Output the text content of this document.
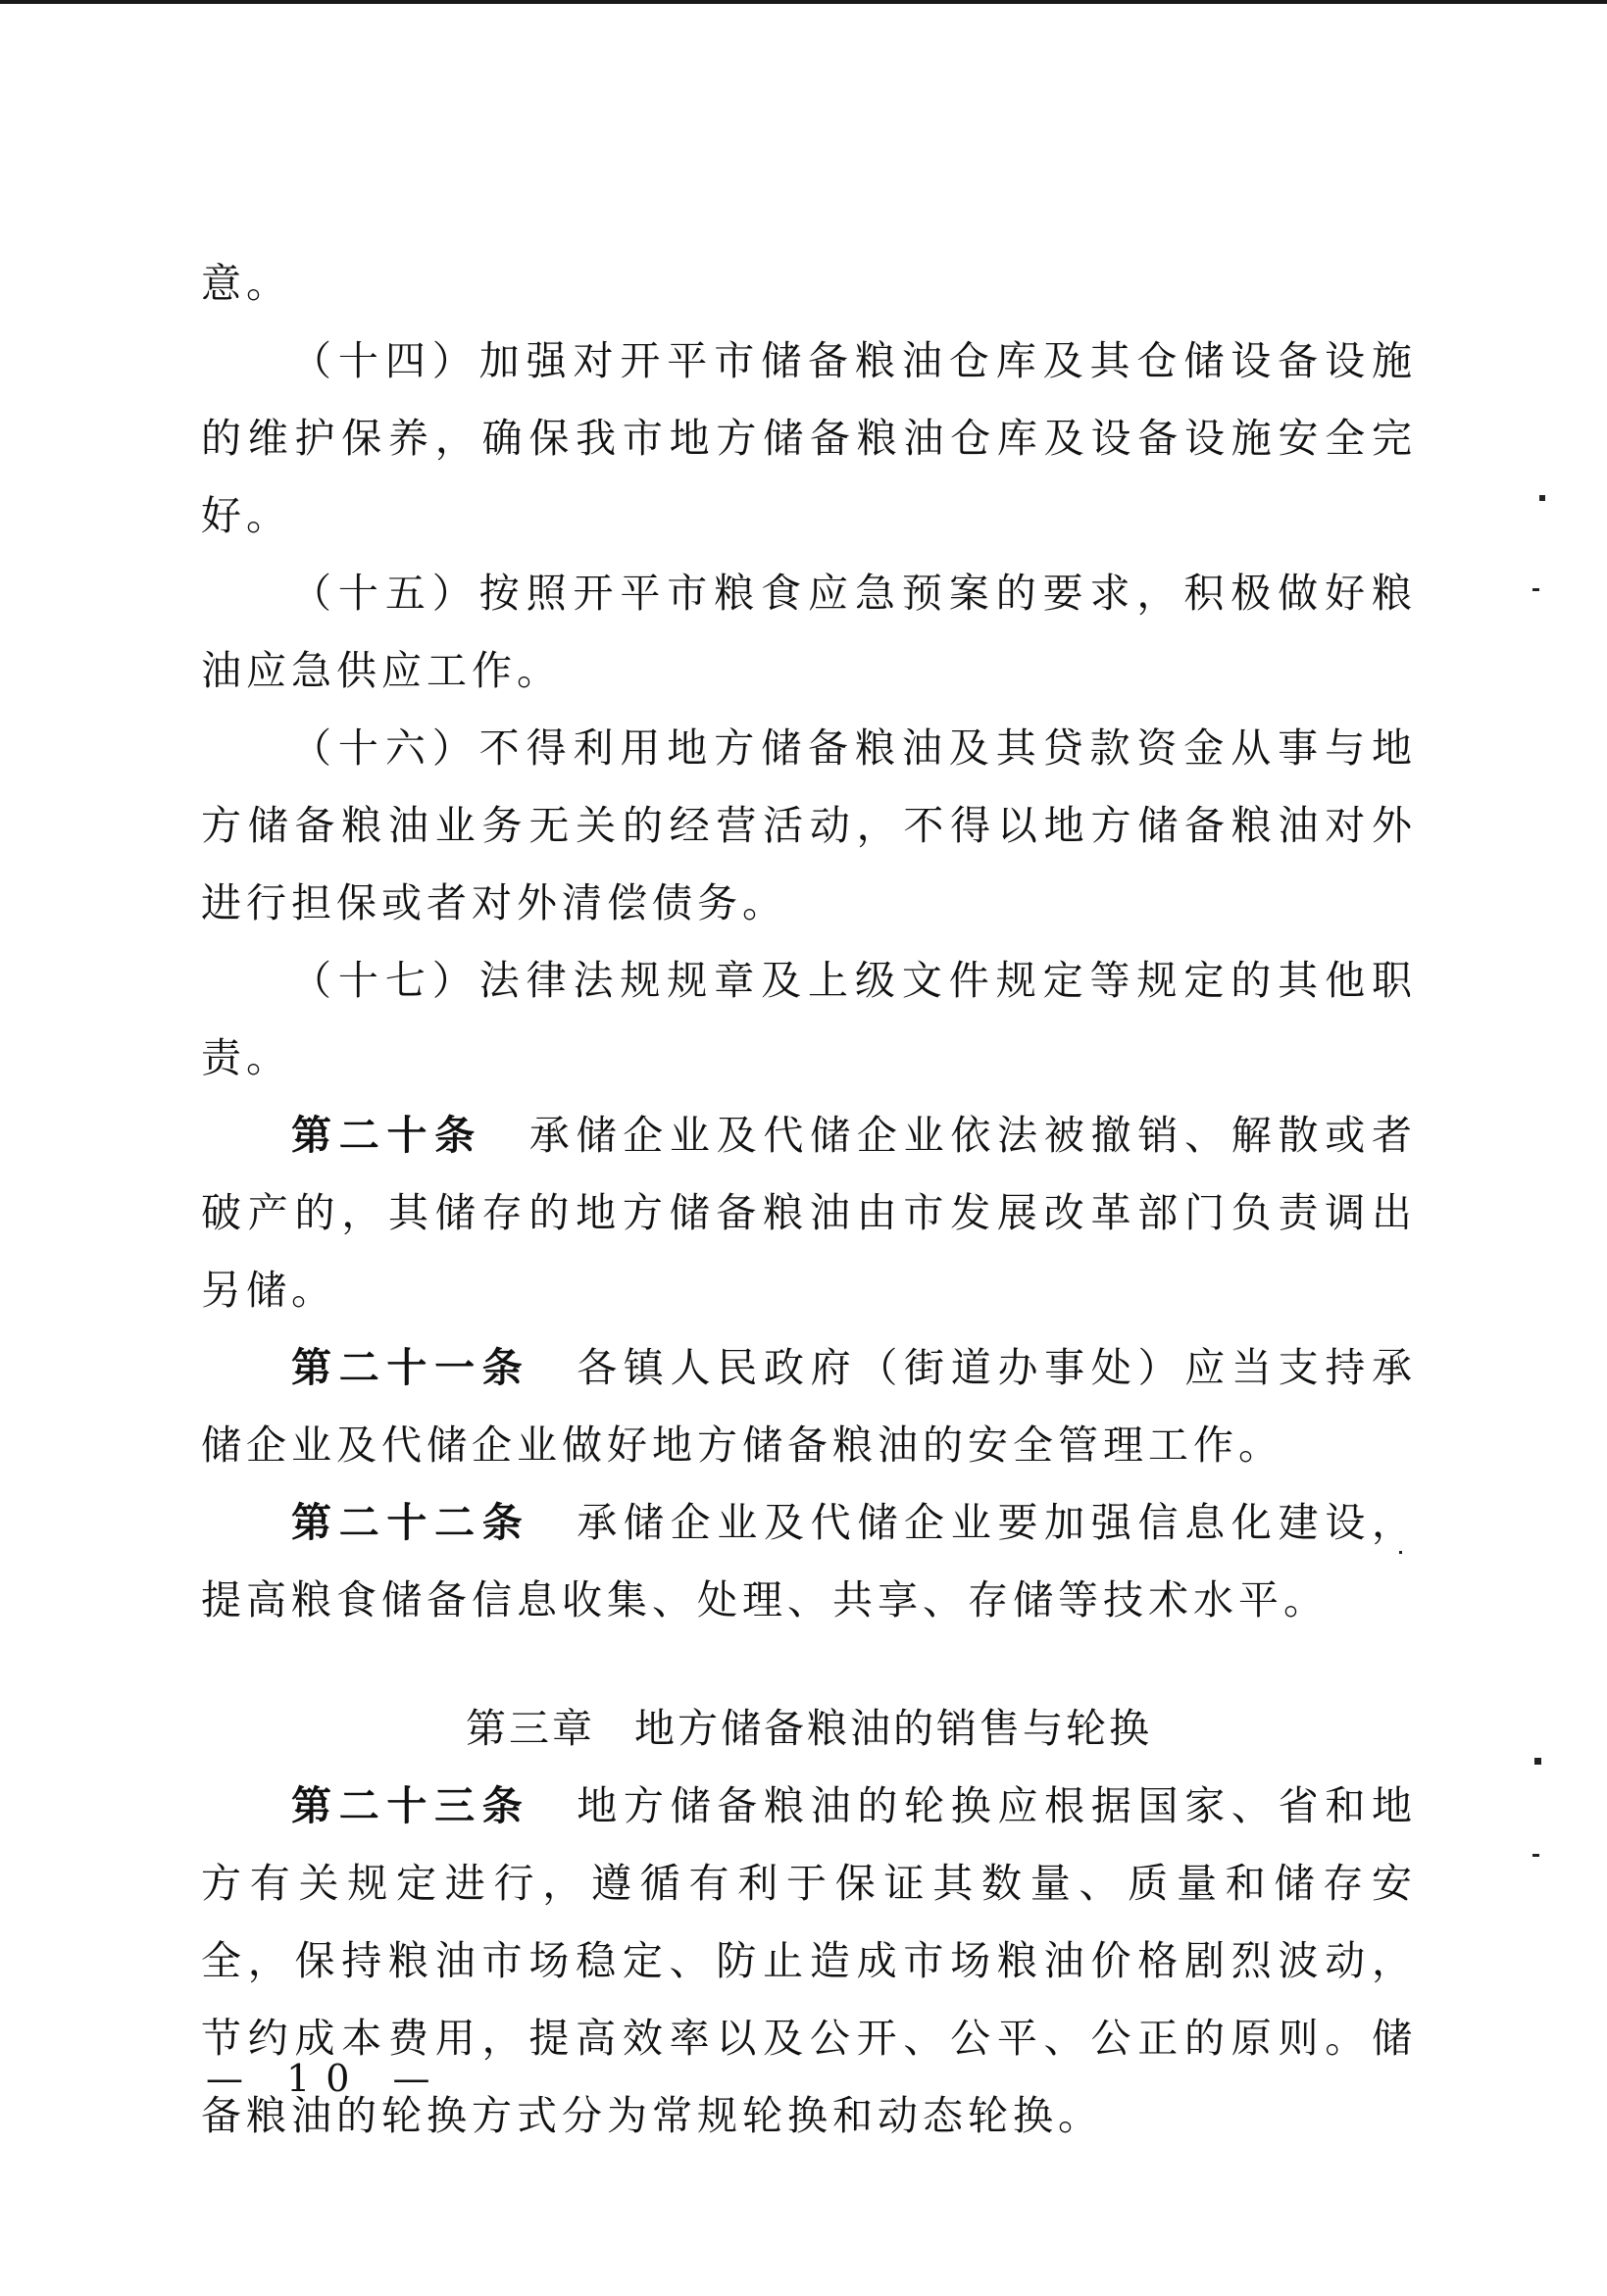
意。

（十四）加强对开平市储备粮油仓库及其仓储设备设施的维护保养，确保我市地方储备粮油仓库及设备设施安全完好。

（十五）按照开平市粮食应急预案的要求，积极做好粮油应急供应工作。

（十六）不得利用地方储备粮油及其贷款资金从事与地方储备粮油业务无关的经营活动，不得以地方储备粮油对外进行担保或者对外清偿债务。

（十七）法律法规规章及上级文件规定等规定的其他职责。

第二十条　 承储企业及代储企业依法被撤销、解散或者破产的，其储存的地方储备粮油由市发展改革部门负责调出另储。

第二十一条　 各镇人民政府（街道办事处）应当支持承储企业及代储企业做好地方储备粮油的安全管理工作。

第二十二条　 承储企业及代储企业要加强信息化建设，提高粮食储备信息收集、处理、共享、存储等技术水平。

第三章 地方储备粮油的销售与轮换

第二十三条　 地方储备粮油的轮换应根据国家、省和地方有关规定进行，遵循有利于保证其数量、质量和储存安全，保持粮油市场稳定、防止造成市场粮油价格剧烈波动，节约成本费用，提高效率以及公开、公平、公正的原则。储备粮油的轮换方式分为常规轮换和动态轮换。

— 10 —
